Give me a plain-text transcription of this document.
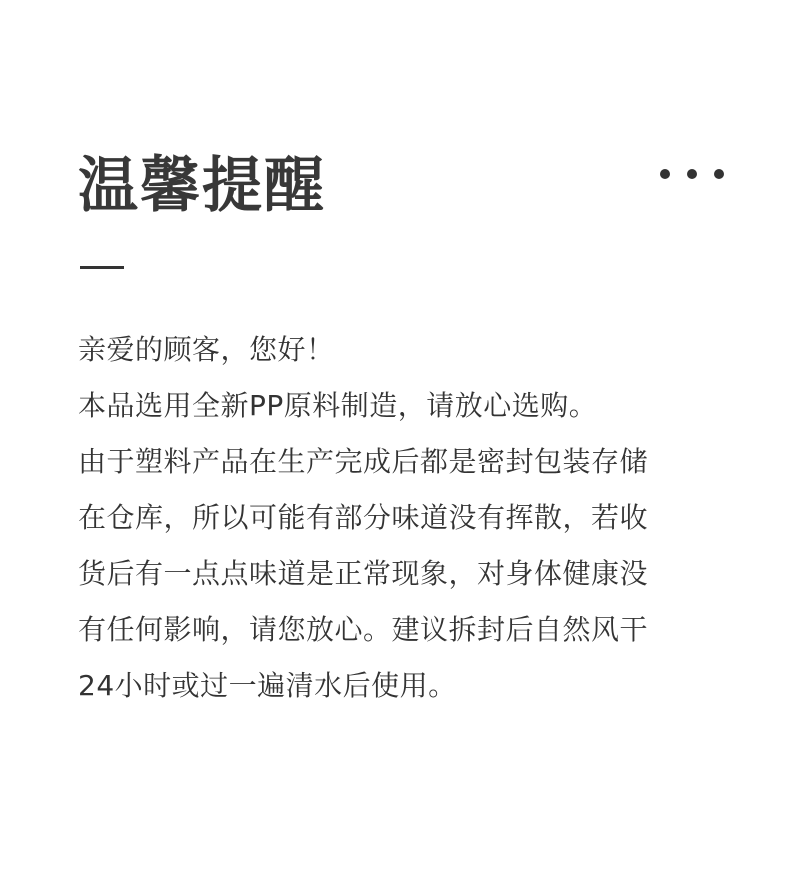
温馨提醒
亲爱的顾客，您好！
本品选用全新PP原料制造，请放心选购。
由于塑料产品在生产完成后都是密封包装存储
在仓库，所以可能有部分味道没有挥散，若收
货后有一点点味道是正常现象，对身体健康没
有任何影响，请您放心。建议拆封后自然风干
24小时或过一遍清水后使用。
